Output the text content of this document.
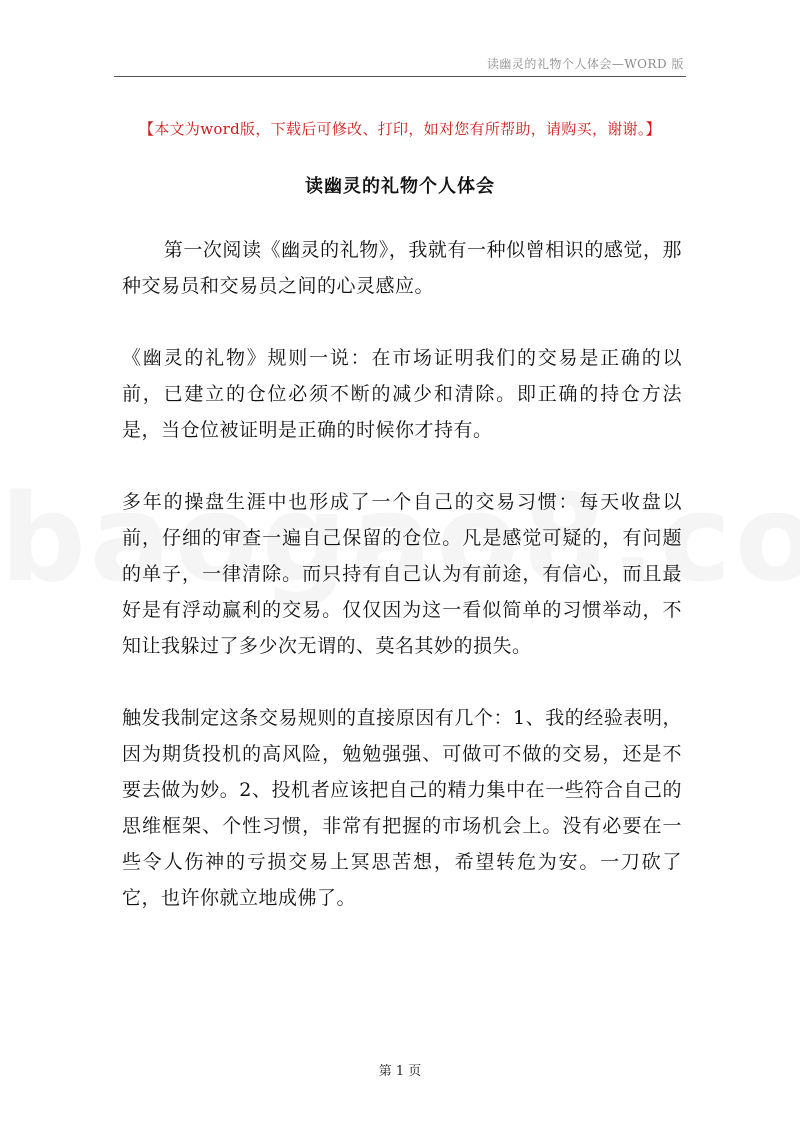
读幽灵的礼物个人体会—WORD 版
【本文为word版，下载后可修改、打印，如对您有所帮助，请购买，谢谢。】
读幽灵的礼物个人体会

第一次阅读《幽灵的礼物》，我就有一种似曾相识的感觉，那种交易员和交易员之间的心灵感应。

《幽灵的礼物》规则一说：在市场证明我们的交易是正确的以前，已建立的仓位必须不断的减少和清除。即正确的持仓方法是，当仓位被证明是正确的时候你才持有。

多年的操盘生涯中也形成了一个自己的交易习惯：每天收盘以前，仔细的审查一遍自己保留的仓位。凡是感觉可疑的，有问题的单子，一律清除。而只持有自己认为有前途，有信心，而且最好是有浮动赢利的交易。仅仅因为这一看似简单的习惯举动，不知让我躲过了多少次无谓的、莫名其妙的损失。

触发我制定这条交易规则的直接原因有几个：1、我的经验表明，因为期货投机的高风险，勉勉强强、可做可不做的交易，还是不要去做为妙。2、投机者应该把自己的精力集中在一些符合自己的思维框架、个性习惯，非常有把握的市场机会上。没有必要在一些令人伤神的亏损交易上冥思苦想，希望转危为安。一刀砍了它，也许你就立地成佛了。

第 1 页
